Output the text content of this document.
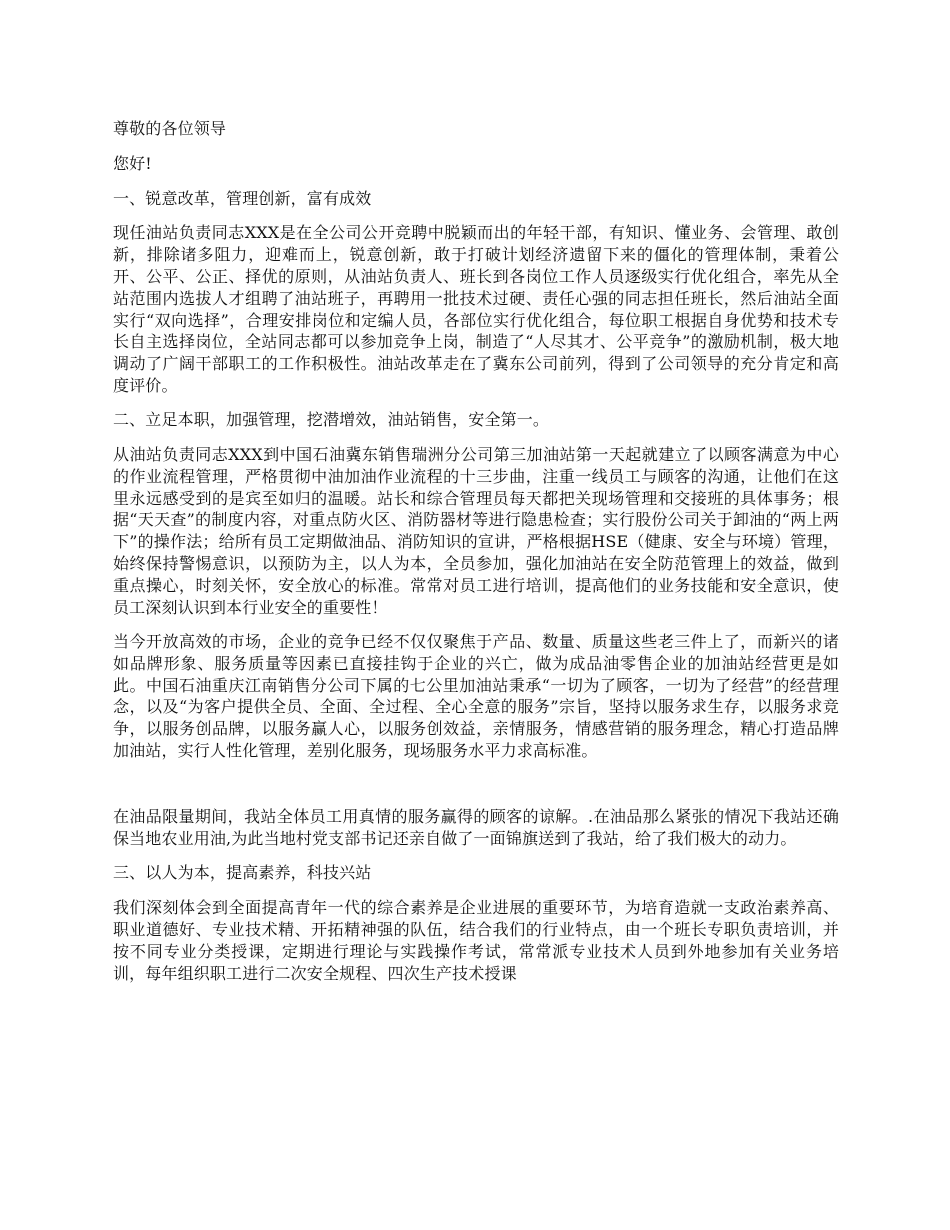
尊敬的各位领导

您好!

一、锐意改革，管理创新，富有成效

现任油站负责同志XXX是在全公司公开竞聘中脱颖而出的年轻干部，有知识、懂业务、会管理、敢创新，排除诸多阻力，迎难而上，锐意创新，敢于打破计划经济遗留下来的僵化的管理体制，秉着公开、公平、公正、择优的原则，从油站负责人、班长到各岗位工作人员逐级实行优化组合，率先从全站范围内选拔人才组聘了油站班子，再聘用一批技术过硬、责任心强的同志担任班长，然后油站全面实行“双向选择”，合理安排岗位和定编人员，各部位实行优化组合，每位职工根据自身优势和技术专长自主选择岗位，全站同志都可以参加竞争上岗，制造了“人尽其才、公平竞争”的激励机制，极大地调动了广阔干部职工的工作积极性。油站改革走在了冀东公司前列，得到了公司领导的充分肯定和高度评价。

二、立足本职，加强管理，挖潜增效，油站销售，安全第一。

从油站负责同志XXX到中国石油冀东销售瑞洲分公司第三加油站第一天起就建立了以顾客满意为中心的作业流程管理，严格贯彻中油加油作业流程的十三步曲，注重一线员工与顾客的沟通，让他们在这里永远感受到的是宾至如归的温暖。站长和综合管理员每天都把关现场管理和交接班的具体事务；根据“天天查”的制度内容，对重点防火区、消防器材等进行隐患检查；实行股份公司关于卸油的“两上两下”的操作法；给所有员工定期做油品、消防知识的宣讲，严格根据HSE（健康、安全与环境）管理，始终保持警惕意识，以预防为主，以人为本，全员参加，强化加油站在安全防范管理上的效益，做到重点操心，时刻关怀，安全放心的标准。常常对员工进行培训，提高他们的业务技能和安全意识，使员工深刻认识到本行业安全的重要性！

当今开放高效的市场，企业的竞争已经不仅仅聚焦于产品、数量、质量这些老三件上了，而新兴的诸如品牌形象、服务质量等因素已直接挂钩于企业的兴亡，做为成品油零售企业的加油站经营更是如此。中国石油重庆江南销售分公司下属的七公里加油站秉承“一切为了顾客，一切为了经营”的经营理念，以及“为客户提供全员、全面、全过程、全心全意的服务”宗旨，坚持以服务求生存，以服务求竞争，以服务创品牌，以服务赢人心，以服务创效益，亲情服务，情感营销的服务理念，精心打造品牌加油站，实行人性化管理，差别化服务，现场服务水平力求高标准。

在油品限量期间，我站全体员工用真情的服务赢得的顾客的谅解。.在油品那么紧张的情况下我站还确保当地农业用油,为此当地村党支部书记还亲自做了一面锦旗送到了我站，给了我们极大的动力。

三、以人为本，提高素养，科技兴站

我们深刻体会到全面提高青年一代的综合素养是企业进展的重要环节，为培育造就一支政治素养高、职业道德好、专业技术精、开拓精神强的队伍，结合我们的行业特点，由一个班长专职负责培训，并按不同专业分类授课，定期进行理论与实践操作考试，常常派专业技术人员到外地参加有关业务培训，每年组织职工进行二次安全规程、四次生产技术授课
